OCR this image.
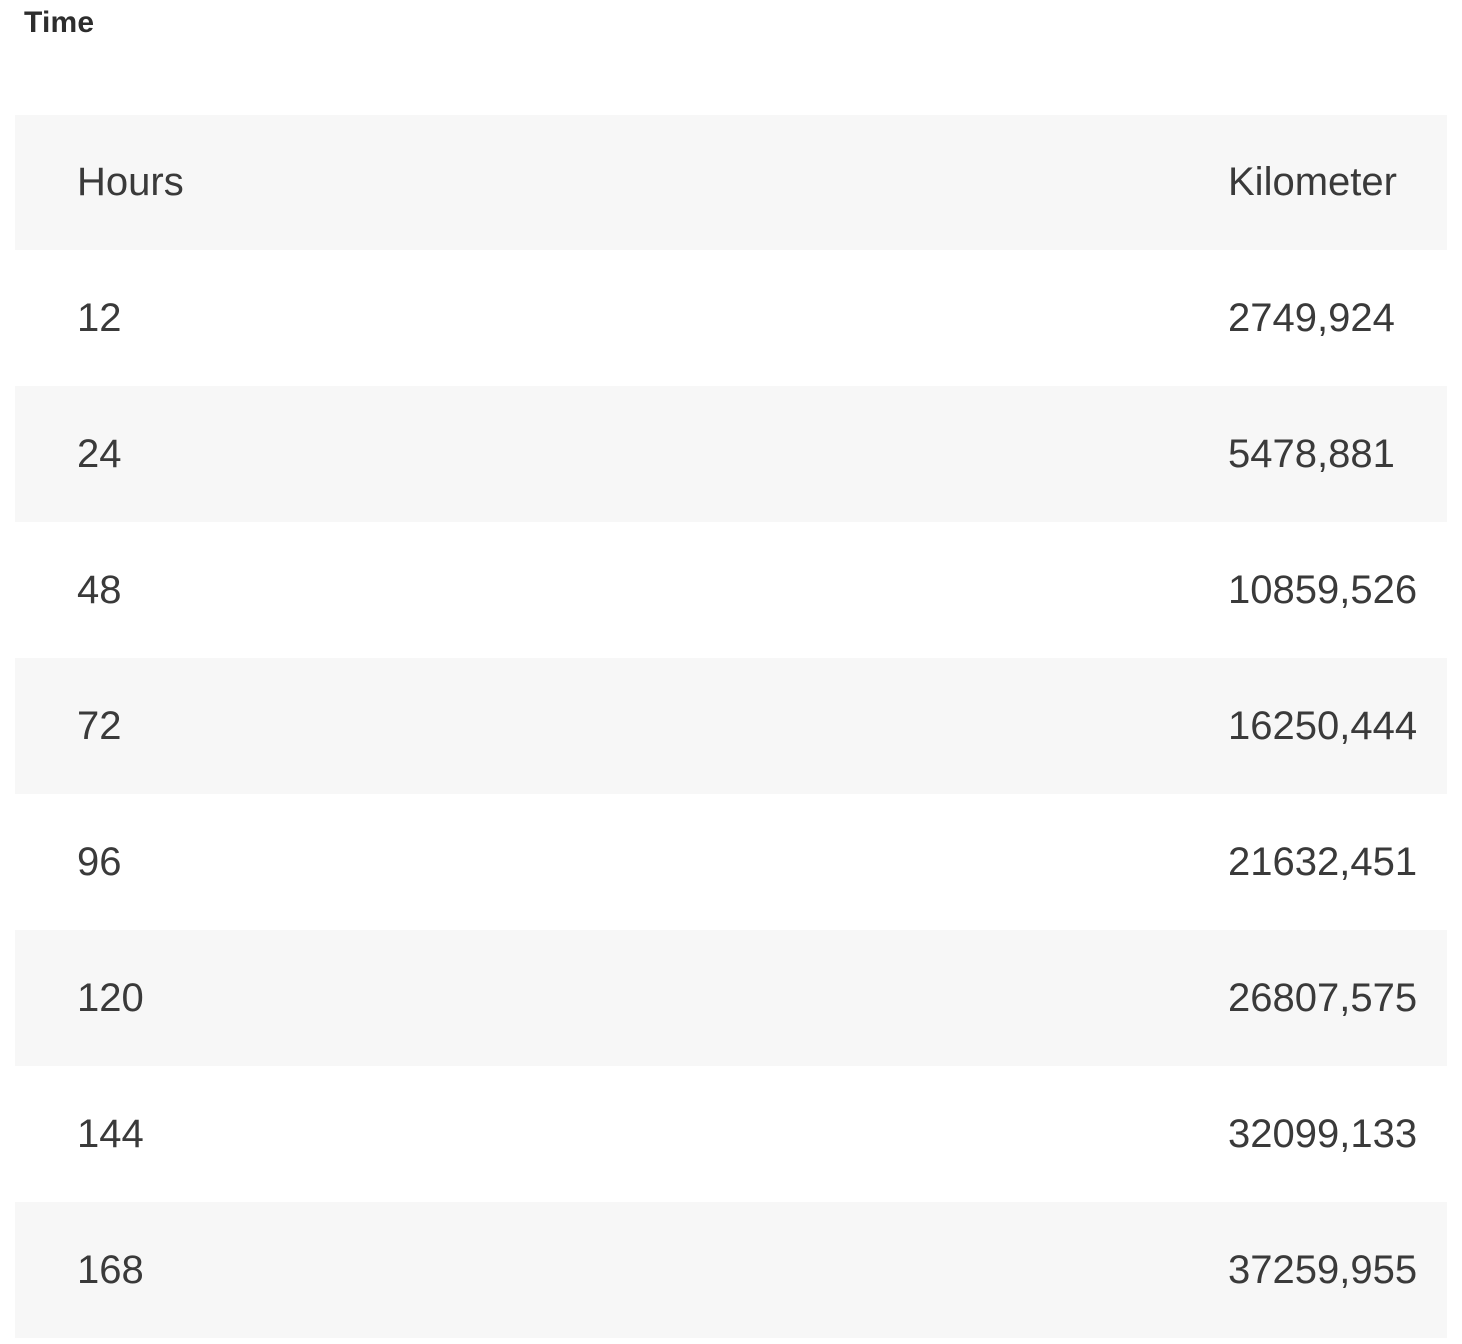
Time
Hours	Kilometer
12	2749,924
24	5478,881
48	10859,526
72	16250,444
96	21632,451
120	26807,575
144	32099,133
168	37259,955
